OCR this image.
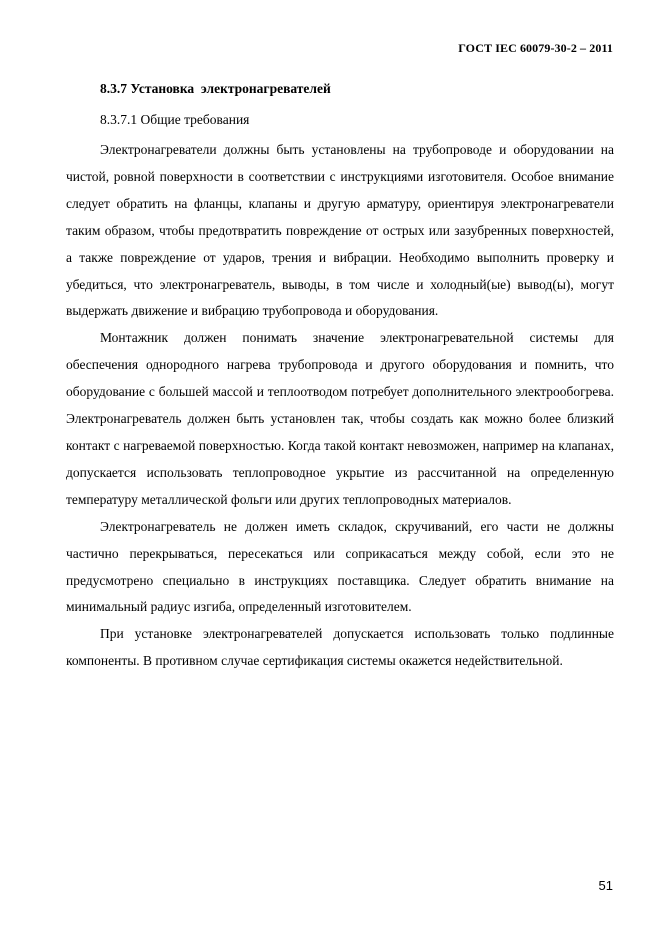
ГОСТ IEC 60079-30-2 – 2011
8.3.7 Установка  электронагревателей
8.3.7.1 Общие требования

Электронагреватели должны быть установлены на трубопроводе и оборудовании на чистой, ровной поверхности в соответствии с инструкциями изготовителя. Особое внимание следует обратить на фланцы, клапаны и другую арматуру, ориентируя электронагреватели таким образом, чтобы предотвратить повреждение от острых или зазубренных поверхностей, а также повреждение от ударов, трения и вибрации. Необходимо выполнить проверку и убедиться, что электронагреватель, выводы, в том числе и холодный(ые) вывод(ы), могут выдержать движение и вибрацию трубопровода и оборудования.

Монтажник должен понимать значение электронагревательной системы для обеспечения однородного нагрева трубопровода и другого оборудования и помнить, что оборудование с большей массой и теплоотводом потребует дополнительного электрообогрева. Электронагреватель должен быть установлен так, чтобы создать как можно более близкий контакт с нагреваемой поверхностью. Когда такой контакт невозможен, например на клапанах, допускается использовать теплопроводное укрытие из рассчитанной на определенную температуру металлической фольги или других теплопроводных материалов.

Электронагреватель не должен иметь складок, скручиваний, его части не должны частично перекрываться, пересекаться или соприкасаться между собой, если это не предусмотрено специально в инструкциях поставщика. Следует обратить внимание на минимальный радиус изгиба, определенный изготовителем.

При установке электронагревателей допускается использовать только подлинные компоненты. В противном случае сертификация системы окажется недействительной.

51
